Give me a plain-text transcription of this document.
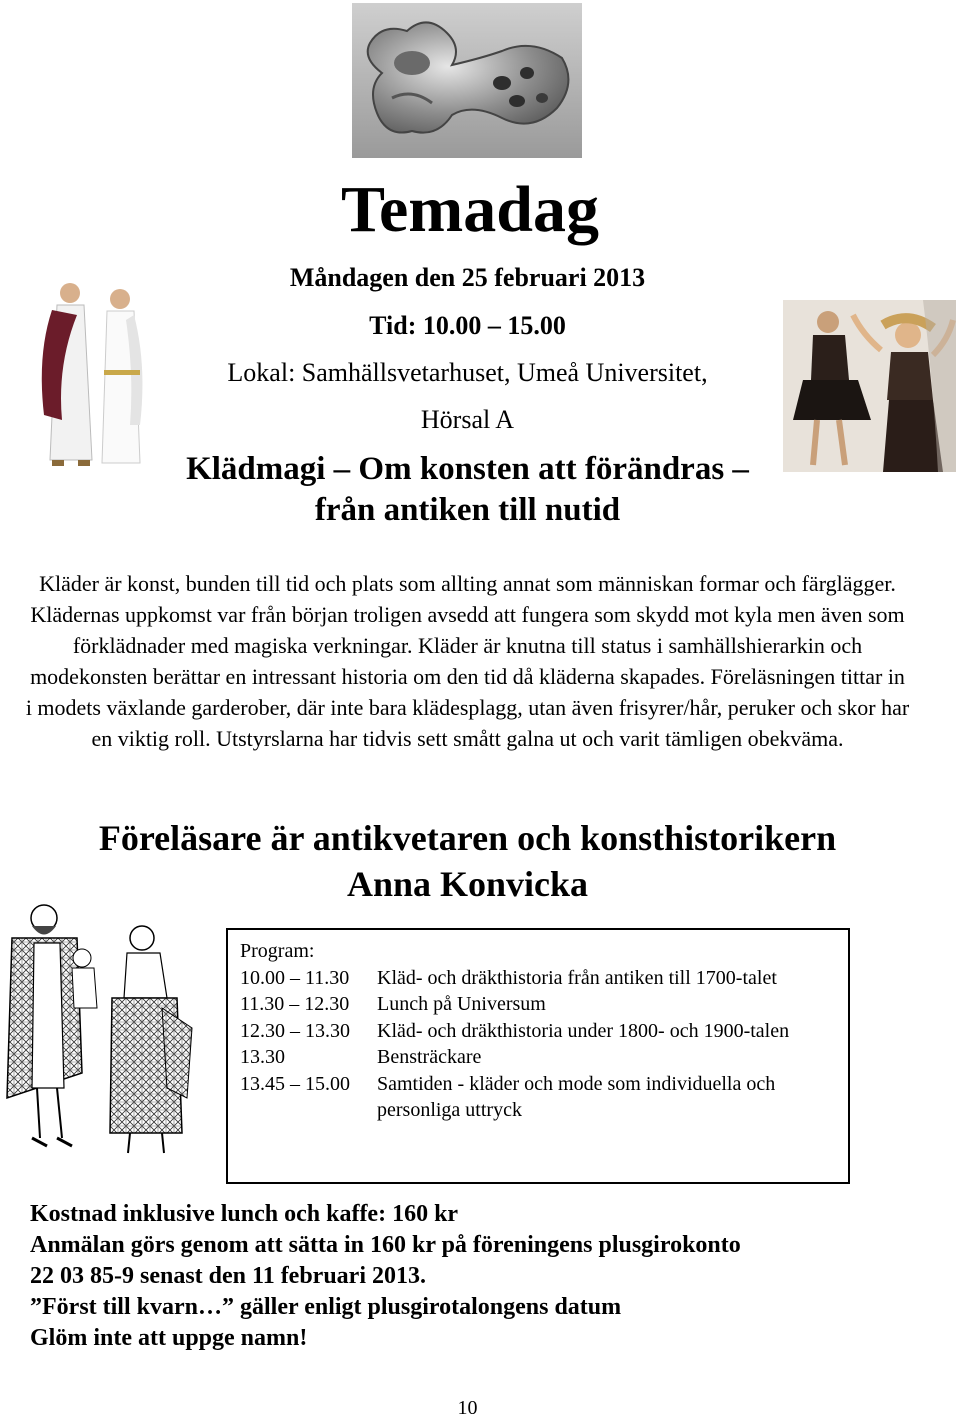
Temadag
Måndagen den 25 februari 2013
Tid: 10.00 – 15.00
Lokal: Samhällsvetarhuset, Umeå Universitet,
Hörsal A
Klädmagi – Om konsten att förändras –
från antiken till nutid
Kläder är konst, bunden till tid och plats som allting annat som människan formar och färglägger. Klädernas uppkomst var från början troligen avsedd att fungera som skydd mot kyla men även som förklädnader med magiska verkningar. Kläder är knutna till status i samhällshierarkin och modekonsten berättar en intressant historia om den tid då kläderna skapades. Föreläsningen tittar in i modets växlande garderober, där inte bara klädesplagg, utan även frisyrer/hår, peruker och skor har en viktig roll. Utstyrslarna har tidvis sett smått galna ut och varit tämligen obekväma.
Föreläsare är antikvetaren och konsthistorikern
Anna Konvicka
Program:
10.00 – 11.30	Kläd- och dräkthistoria från antiken till 1700-talet
11.30 – 12.30	Lunch på Universum
12.30 – 13.30	Kläd- och dräkthistoria under 1800- och 1900-talen
13.30	Bensträckare
13.45 – 15.00	Samtiden - kläder och mode som individuella och personliga uttryck
Kostnad inklusive lunch och kaffe: 160 kr
Anmälan görs genom att sätta in 160 kr på föreningens plusgirokonto
22 03 85-9 senast den 11 februari 2013.
”Först till kvarn…” gäller enligt plusgirotalongens datum
Glöm inte att uppge namn!
10
